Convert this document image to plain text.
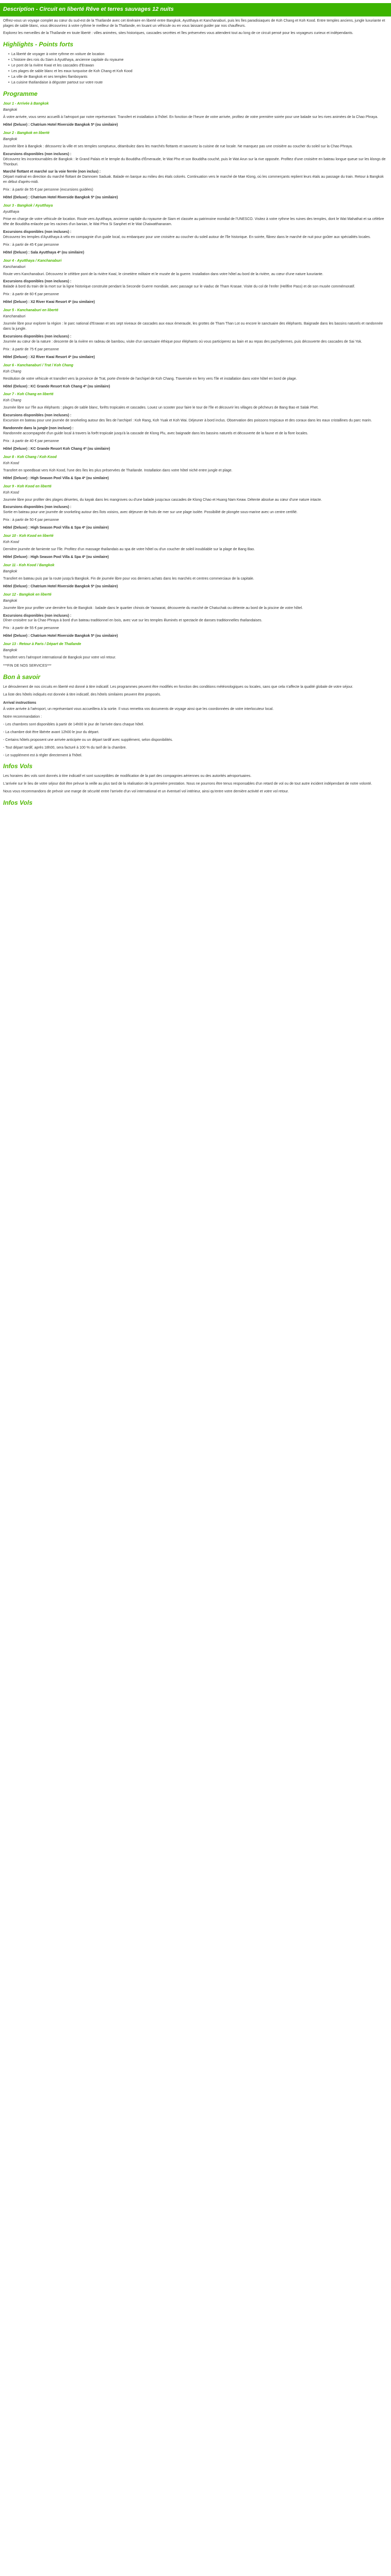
Description - Circuit en liberté Rêve et terres sauvages 12 nuits

Offrez-vous un voyage complet au cœur du sud-est de la Thaïlande avec cet itinéraire en liberté entre Bangkok, Ayutthaya et Kanchanaburi, puis les îles paradisiaques de Koh Chang et Koh Kood. Entre temples anciens, jungle luxuriante et plages de sable blanc, vous découvrirez à votre rythme le meilleur de la Thaïlande, en louant un véhicule ou en vous laissant guider par nos chauffeurs.

Explorez les merveilles de la Thaïlande en toute liberté : villes animées, sites historiques, cascades secrètes et îles préservées vous attendent tout au long de ce circuit pensé pour les voyageurs curieux et indépendants.

Highlights - Points forts
• La liberté de voyager à votre rythme en voiture de location
• L'histoire des rois du Siam à Ayutthaya, ancienne capitale du royaume
• Le pont de la rivière Kwaï et les cascades d'Erawan
• Les plages de sable blanc et les eaux turquoise de Koh Chang et Koh Kood
• La ville de Bangkok et ses temples flamboyants
• La cuisine thaïlandaise à déguster partout sur votre route
Programme
Jour 1 - Arrivée à Bangkok
Bangkok

À votre arrivée, vous serez accueilli à l'aéroport par notre représentant. Transfert et installation à l'hôtel. En fonction de l'heure de votre arrivée, profitez de votre première soirée pour une balade sur les rives animées de la Chao Phraya.

Hôtel (Deluxe) : Chatrium Hotel Riverside Bangkok 5* (ou similaire)
Jour 2 - Bangkok en liberté
Bangkok

Journée libre à Bangkok : découvrez la ville et ses temples somptueux, déambulez dans les marchés flottants et savourez la cuisine de rue locale. Ne manquez pas une croisière au coucher du soleil sur la Chao Phraya.

Excursions disponibles (non incluses) :

Découvrez les incontournables de Bangkok : le Grand Palais et le temple du Bouddha d'Émeraude, le Wat Pho et son Bouddha couché, puis le Wat Arun sur la rive opposée. Profitez d'une croisière en bateau longue queue sur les klongs de Thonburi.

Marché flottant et marché sur la voie ferrée (non inclus) :

Départ matinal en direction du marché flottant de Damnoen Saduak. Balade en barque au milieu des étals colorés. Continuation vers le marché de Mae Klong, où les commerçants replient leurs étals au passage du train. Retour à Bangkok en début d'après-midi.

Prix : à partir de 55 € par personne (excursions guidées)

Hôtel (Deluxe) : Chatrium Hotel Riverside Bangkok 5* (ou similaire)
Jour 3 - Bangkok / Ayutthaya
Ayutthaya

Prise en charge de votre véhicule de location. Route vers Ayutthaya, ancienne capitale du royaume de Siam et classée au patrimoine mondial de l'UNESCO. Visitez à votre rythme les ruines des temples, dont le Wat Mahathat et sa célèbre tête de Bouddha enlacée par les racines d'un banian, le Wat Phra Si Sanphet et le Wat Chaiwatthanaram.

Excursions disponibles (non incluses) :

Découvrez les temples d'Ayutthaya à vélo en compagnie d'un guide local, ou embarquez pour une croisière au coucher du soleil autour de l'île historique. En soirée, flânez dans le marché de nuit pour goûter aux spécialités locales.

Prix : à partir de 45 € par personne

Hôtel (Deluxe) : Sala Ayutthaya 4* (ou similaire)
Jour 4 - Ayutthaya / Kanchanaburi
Kanchanaburi

Route vers Kanchanaburi. Découvrez le célèbre pont de la rivière Kwaï, le cimetière militaire et le musée de la guerre. Installation dans votre hôtel au bord de la rivière, au cœur d'une nature luxuriante.

Excursions disponibles (non incluses) :

Balade à bord du train de la mort sur la ligne historique construite pendant la Seconde Guerre mondiale, avec passage sur le viaduc de Tham Krasae. Visite du col de l'enfer (Hellfire Pass) et de son musée commémoratif.

Prix : à partir de 60 € par personne

Hôtel (Deluxe) : X2 River Kwai Resort 4* (ou similaire)
Jour 5 - Kanchanaburi en liberté
Kanchanaburi

Journée libre pour explorer la région : le parc national d'Erawan et ses sept niveaux de cascades aux eaux émeraude, les grottes de Tham Than Lot ou encore le sanctuaire des éléphants. Baignade dans les bassins naturels et randonnée dans la jungle.

Excursions disponibles (non incluses) :

Journée au cœur de la nature : descente de la rivière en radeau de bambou, visite d'un sanctuaire éthique pour éléphants où vous participerez au bain et au repas des pachydermes, puis découverte des cascades de Sai Yok.

Prix : à partir de 75 € par personne

Hôtel (Deluxe) : X2 River Kwai Resort 4* (ou similaire)
Jour 6 - Kanchanaburi / Trat / Koh Chang
Koh Chang

Restitution de votre véhicule et transfert vers la province de Trat, porte d'entrée de l'archipel de Koh Chang. Traversée en ferry vers l'île et installation dans votre hôtel en bord de plage.

Hôtel (Deluxe) : KC Grande Resort Koh Chang 4* (ou similaire)
Jour 7 - Koh Chang en liberté
Koh Chang

Journée libre sur l'île aux éléphants : plages de sable blanc, forêts tropicales et cascades. Louez un scooter pour faire le tour de l'île et découvrir les villages de pêcheurs de Bang Bao et Salak Phet.

Excursions disponibles (non incluses) :

Excursion en bateau pour une journée de snorkeling autour des îles de l'archipel : Koh Rang, Koh Yuak et Koh Wai. Déjeuner à bord inclus. Observation des poissons tropicaux et des coraux dans les eaux cristallines du parc marin.

Randonnée dans la jungle (non incluse) :

Randonnée accompagnée d'un guide local à travers la forêt tropicale jusqu'à la cascade de Klong Plu, avec baignade dans les bassins naturels et découverte de la faune et de la flore locales.

Prix : à partir de 40 € par personne

Hôtel (Deluxe) : KC Grande Resort Koh Chang 4* (ou similaire)
Jour 8 - Koh Chang / Koh Kood
Koh Kood

Transfert en speedboat vers Koh Kood, l'une des îles les plus préservées de Thaïlande. Installation dans votre hôtel niché entre jungle et plage.

Hôtel (Deluxe) : High Season Pool Villa & Spa 4* (ou similaire)
Jour 9 - Koh Kood en liberté
Koh Kood

Journée libre pour profiter des plages désertes, du kayak dans les mangroves ou d'une balade jusqu'aux cascades de Klong Chao et Huang Nam Keaw. Détente absolue au cœur d'une nature intacte.

Excursions disponibles (non incluses) :

Sortie en bateau pour une journée de snorkeling autour des îlots voisins, avec déjeuner de fruits de mer sur une plage isolée. Possibilité de plongée sous-marine avec un centre certifié.

Prix : à partir de 50 € par personne

Hôtel (Deluxe) : High Season Pool Villa & Spa 4* (ou similaire)
Jour 10 - Koh Kood en liberté
Koh Kood

Dernière journée de farniente sur l'île. Profitez d'un massage thaïlandais au spa de votre hôtel ou d'un coucher de soleil inoubliable sur la plage de Bang Bao.

Hôtel (Deluxe) : High Season Pool Villa & Spa 4* (ou similaire)
Jour 11 - Koh Kood / Bangkok
Bangkok

Transfert en bateau puis par la route jusqu'à Bangkok. Fin de journée libre pour vos derniers achats dans les marchés et centres commerciaux de la capitale.

Hôtel (Deluxe) : Chatrium Hotel Riverside Bangkok 5* (ou similaire)
Jour 12 - Bangkok en liberté
Bangkok

Journée libre pour profiter une dernière fois de Bangkok : balade dans le quartier chinois de Yaowarat, découverte du marché de Chatuchak ou détente au bord de la piscine de votre hôtel.

Excursions disponibles (non incluses) :

Dîner-croisière sur la Chao Phraya à bord d'un bateau traditionnel en bois, avec vue sur les temples illuminés et spectacle de danses traditionnelles thaïlandaises.

Prix : à partir de 55 € par personne

Hôtel (Deluxe) : Chatrium Hotel Riverside Bangkok 5* (ou similaire)
Jour 13 - Retour à Paris / Départ de Thaïlande
Bangkok

Transfert vers l'aéroport international de Bangkok pour votre vol retour.

***FIN DE NOS SERVICES***

Bon à savoir

Le déroulement de nos circuits en liberté est donné à titre indicatif. Les programmes peuvent être modifiés en fonction des conditions météorologiques ou locales, sans que cela n'affecte la qualité globale de votre séjour.

La liste des hôtels indiqués est donnée à titre indicatif, des hôtels similaires peuvent être proposés.

Arrival instructions

À votre arrivée à l'aéroport, un représentant vous accueillera à la sortie. Il vous remettra vos documents de voyage ainsi que les coordonnées de votre interlocuteur local.

Notre recommandation :

- Les chambres sont disponibles à partir de 14h00 le jour de l'arrivée dans chaque hôtel.

- La chambre doit être libérée avant 12h00 le jour du départ.

- Certains hôtels proposent une arrivée anticipée ou un départ tardif avec supplément, selon disponibilités.

- Tout départ tardif, après 18h00, sera facturé à 100 % du tarif de la chambre.

- Le supplément est à régler directement à l'hôtel.

Infos Vols

Les horaires des vols sont donnés à titre indicatif et sont susceptibles de modification de la part des compagnies aériennes ou des autorités aéroportuaires.

L'arrivée sur le lieu de votre séjour doit être prévue la veille au plus tard de la réalisation de la première prestation. Nous ne pourrons être tenus responsables d'un retard de vol ou de tout autre incident indépendant de notre volonté.

Nous vous recommandons de prévoir une marge de sécurité entre l'arrivée d'un vol international et un éventuel vol intérieur, ainsi qu'entre votre dernière activité et votre vol retour.

Infos Vols
